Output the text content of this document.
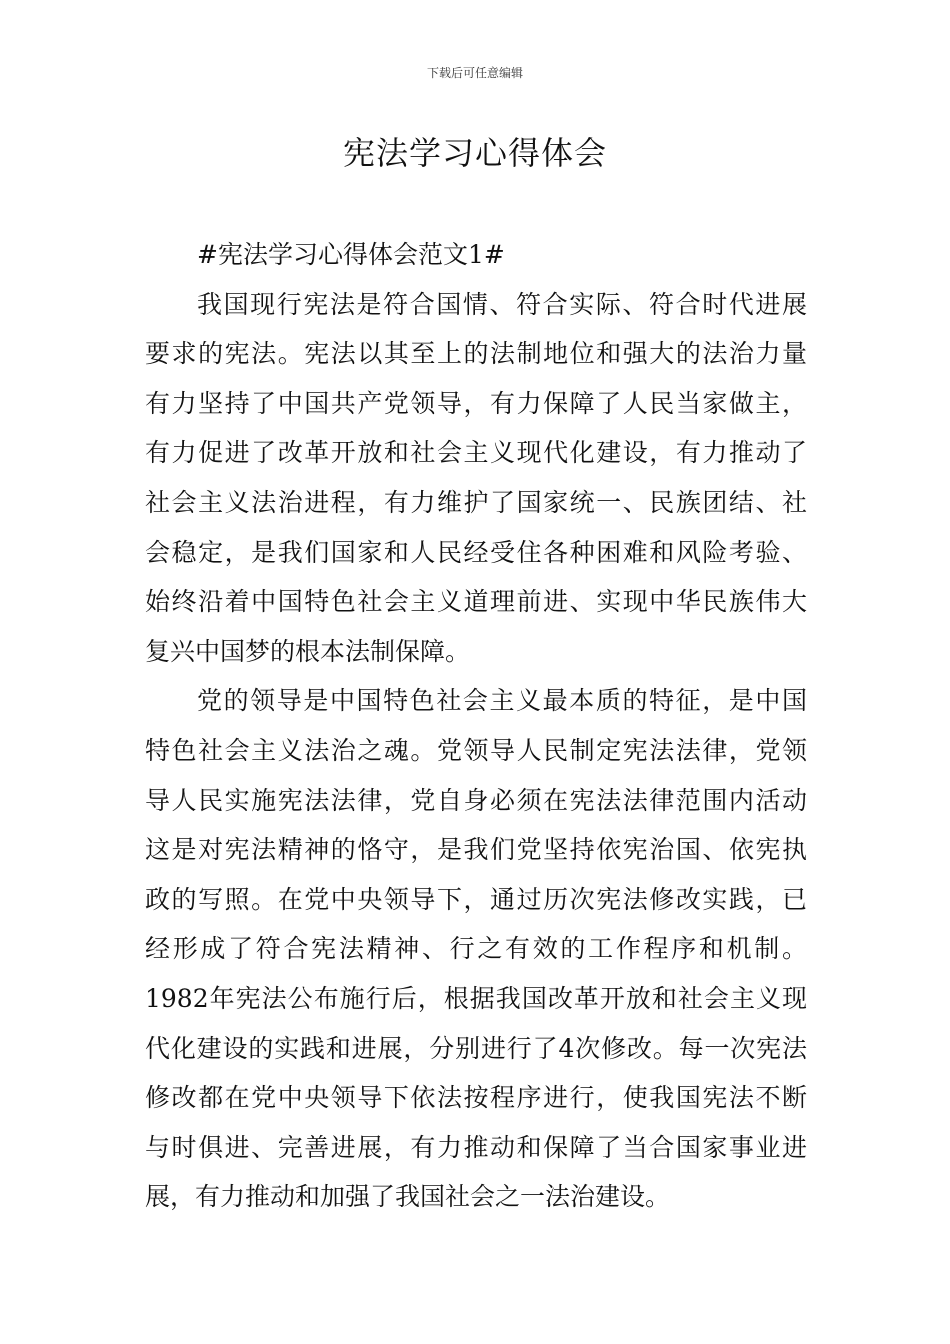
下载后可任意编辑
宪法学习心得体会
#宪法学习心得体会范文1#
我国现行宪法是符合国情、符合实际、符合时代进展
要求的宪法。宪法以其至上的法制地位和强大的法治力量
有力坚持了中国共产党领导，有力保障了人民当家做主，
有力促进了改革开放和社会主义现代化建设，有力推动了
社会主义法治进程，有力维护了国家统一、民族团结、社
会稳定，是我们国家和人民经受住各种困难和风险考验、
始终沿着中国特色社会主义道理前进、实现中华民族伟大
复兴中国梦的根本法制保障。
党的领导是中国特色社会主义最本质的特征，是中国
特色社会主义法治之魂。党领导人民制定宪法法律，党领
导人民实施宪法法律，党自身必须在宪法法律范围内活动
这是对宪法精神的恪守，是我们党坚持依宪治国、依宪执
政的写照。在党中央领导下，通过历次宪法修改实践，已
经形成了符合宪法精神、行之有效的工作程序和机制。
1982年宪法公布施行后，根据我国改革开放和社会主义现
代化建设的实践和进展，分别进行了4次修改。每一次宪法
修改都在党中央领导下依法按程序进行，使我国宪法不断
与时俱进、完善进展，有力推动和保障了当合国家事业进
展，有力推动和加强了我国社会之一法治建设。
